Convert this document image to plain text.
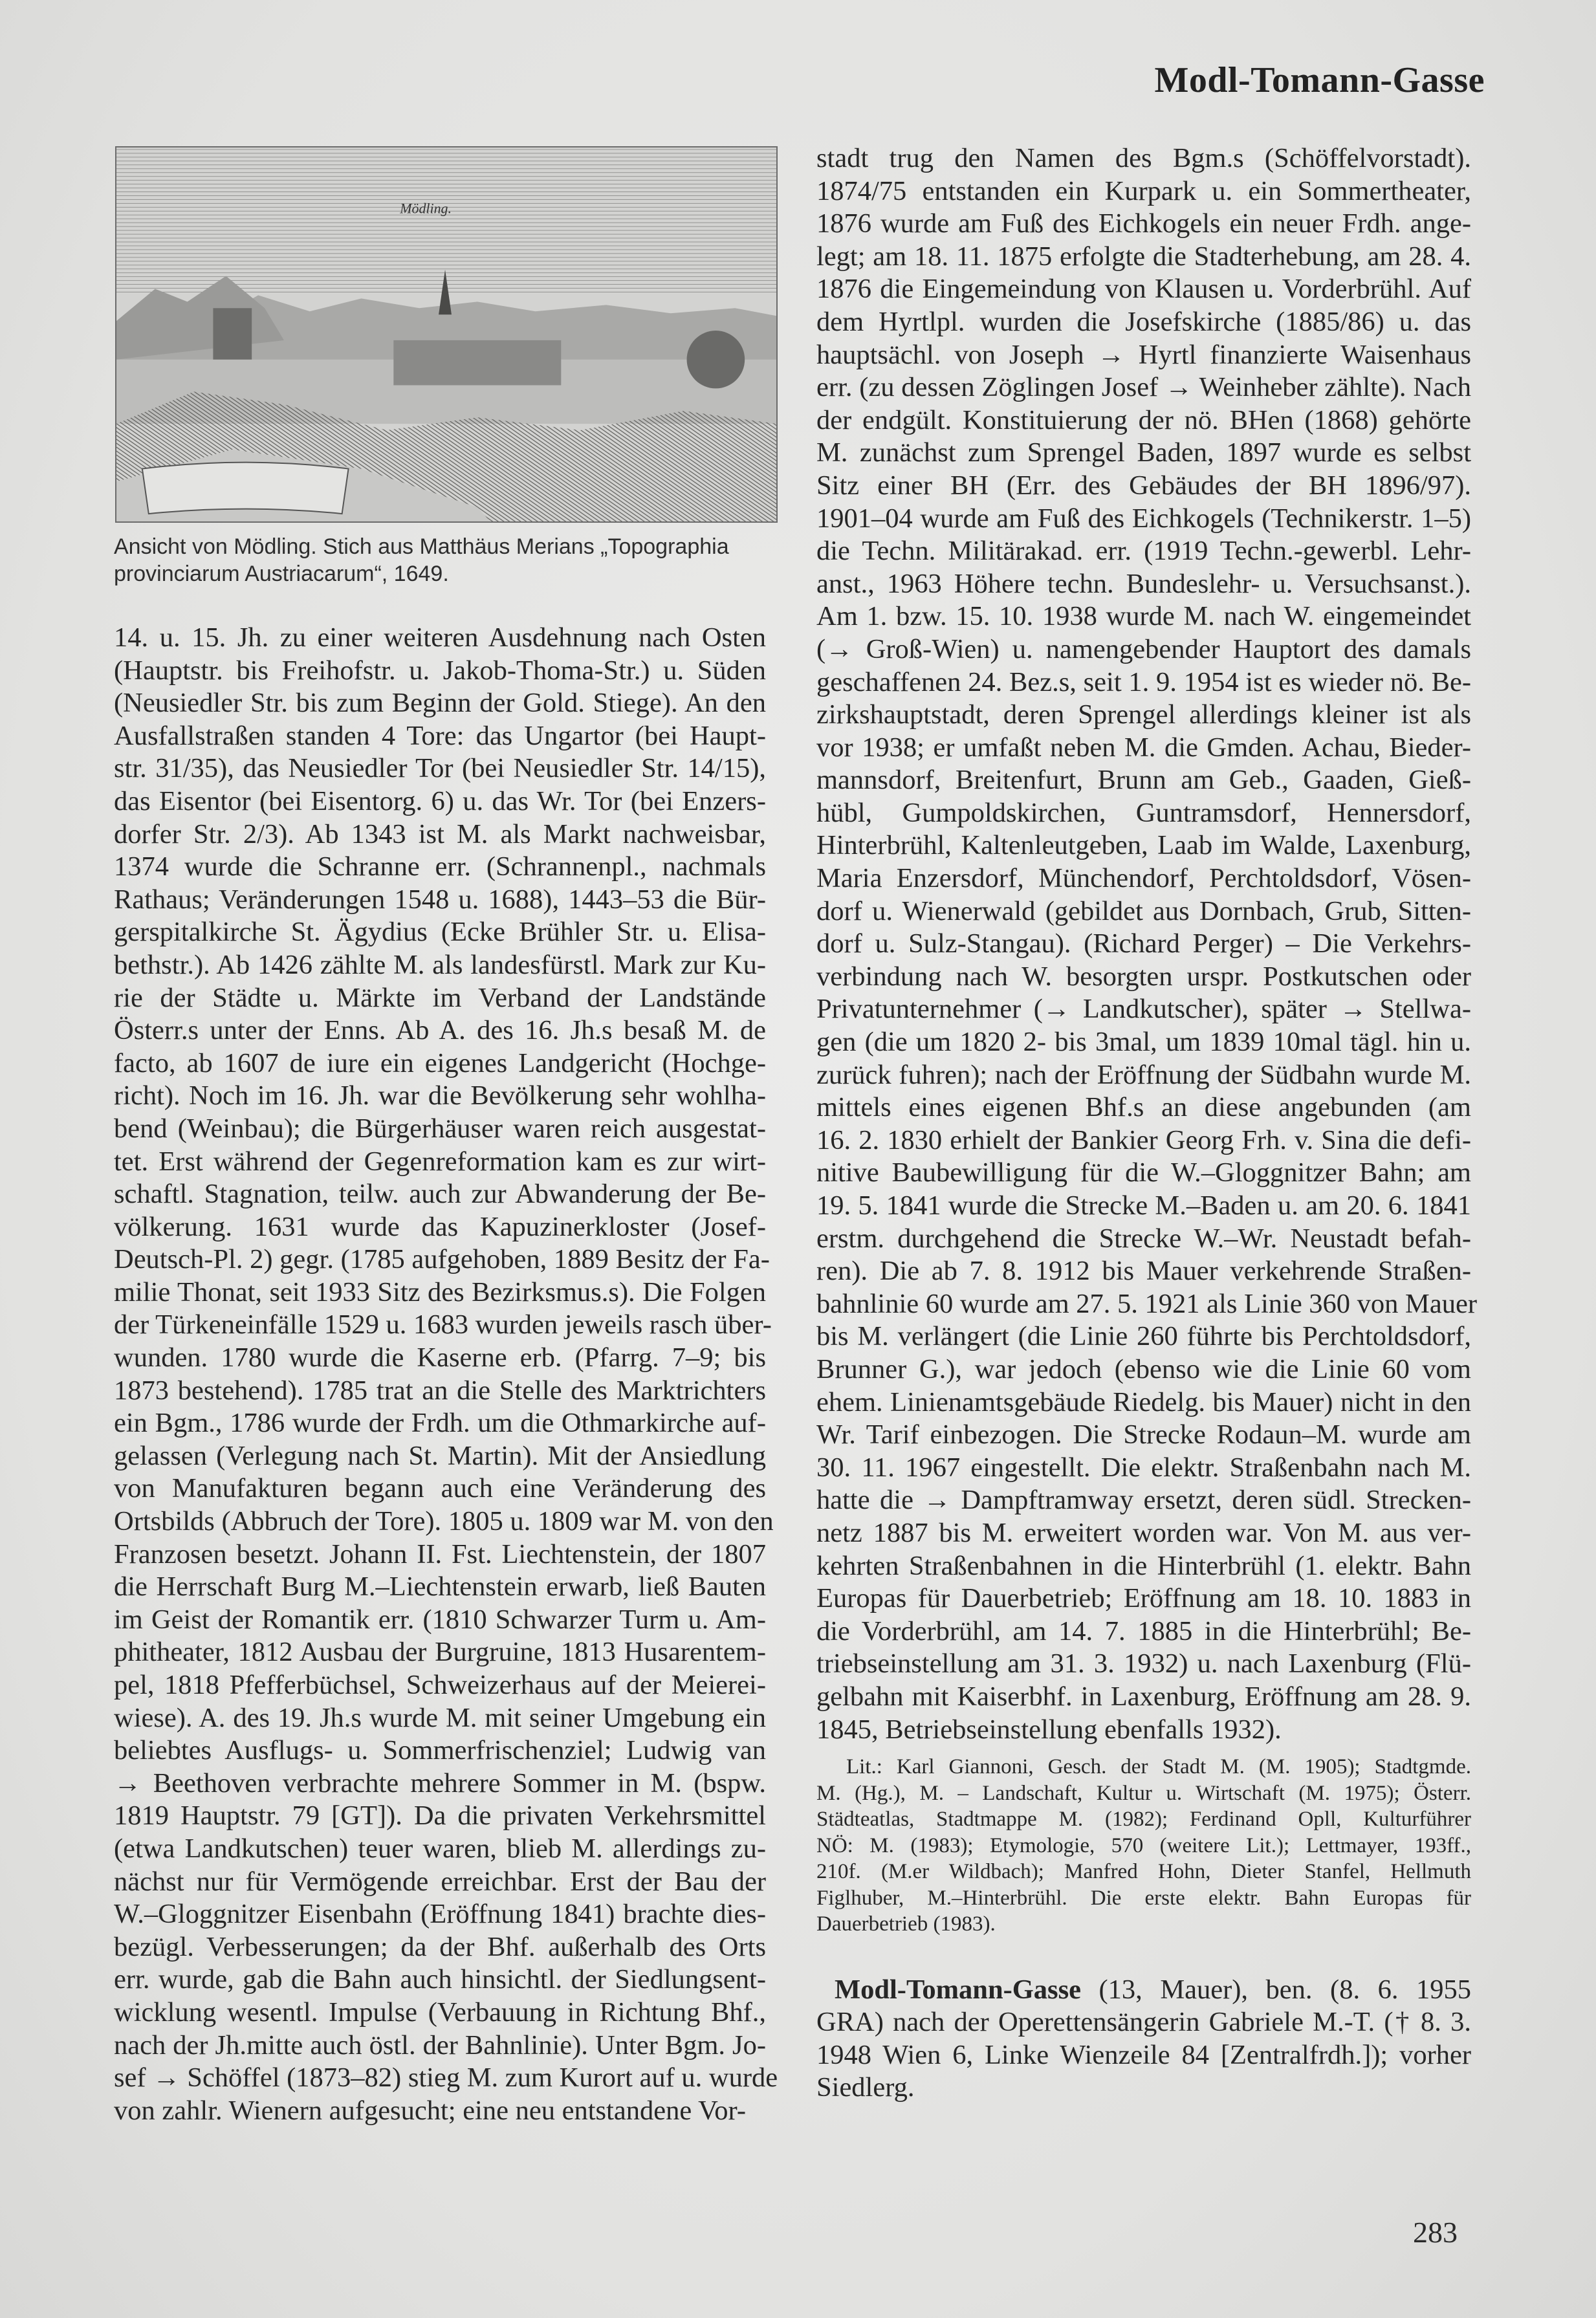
Modl-Tomann-Gasse
Mödling.
Ansicht von Mödling. Stich aus Matthäus Merians „Topographia
provinciarum Austriacarum“, 1649.
14. u. 15. Jh. zu einer weiteren Ausdehnung nach Osten
(Hauptstr. bis Freihofstr. u. Jakob-Thoma-Str.) u. Süden
(Neusiedler Str. bis zum Beginn der Gold. Stiege). An den
Ausfallstraßen standen 4 Tore: das Ungartor (bei Haupt-
str. 31/35), das Neusiedler Tor (bei Neusiedler Str. 14/15),
das Eisentor (bei Eisentorg. 6) u. das Wr. Tor (bei Enzers-
dorfer Str. 2/3). Ab 1343 ist M. als Markt nachweisbar,
1374 wurde die Schranne err. (Schrannenpl., nachmals
Rathaus; Veränderungen 1548 u. 1688), 1443–53 die Bür-
gerspitalkirche St. Ägydius (Ecke Brühler Str. u. Elisa-
bethstr.). Ab 1426 zählte M. als landesfürstl. Mark zur Ku-
rie der Städte u. Märkte im Verband der Landstände
Österr.s unter der Enns. Ab A. des 16. Jh.s besaß M. de
facto, ab 1607 de iure ein eigenes Landgericht (Hochge-
richt). Noch im 16. Jh. war die Bevölkerung sehr wohlha-
bend (Weinbau); die Bürgerhäuser waren reich ausgestat-
tet. Erst während der Gegenreformation kam es zur wirt-
schaftl. Stagnation, teilw. auch zur Abwanderung der Be-
völkerung. 1631 wurde das Kapuzinerkloster (Josef-
Deutsch-Pl. 2) gegr. (1785 aufgehoben, 1889 Besitz der Fa-
milie Thonat, seit 1933 Sitz des Bezirksmus.s). Die Folgen
der Türkeneinfälle 1529 u. 1683 wurden jeweils rasch über-
wunden. 1780 wurde die Kaserne erb. (Pfarrg. 7–9; bis
1873 bestehend). 1785 trat an die Stelle des Marktrichters
ein Bgm., 1786 wurde der Frdh. um die Othmarkirche auf-
gelassen (Verlegung nach St. Martin). Mit der Ansiedlung
von Manufakturen begann auch eine Veränderung des
Ortsbilds (Abbruch der Tore). 1805 u. 1809 war M. von den
Franzosen besetzt. Johann II. Fst. Liechtenstein, der 1807
die Herrschaft Burg M.–Liechtenstein erwarb, ließ Bauten
im Geist der Romantik err. (1810 Schwarzer Turm u. Am-
phitheater, 1812 Ausbau der Burgruine, 1813 Husarentem-
pel, 1818 Pfefferbüchsel, Schweizerhaus auf der Meierei-
wiese). A. des 19. Jh.s wurde M. mit seiner Umgebung ein
beliebtes Ausflugs- u. Sommerfrischenziel; Ludwig van
→ Beethoven verbrachte mehrere Sommer in M. (bspw.
1819 Hauptstr. 79 [GT]). Da die privaten Verkehrsmittel
(etwa Landkutschen) teuer waren, blieb M. allerdings zu-
nächst nur für Vermögende erreichbar. Erst der Bau der
W.–Gloggnitzer Eisenbahn (Eröffnung 1841) brachte dies-
bezügl. Verbesserungen; da der Bhf. außerhalb des Orts
err. wurde, gab die Bahn auch hinsichtl. der Siedlungsent-
wicklung wesentl. Impulse (Verbauung in Richtung Bhf.,
nach der Jh.mitte auch östl. der Bahnlinie). Unter Bgm. Jo-
sef → Schöffel (1873–82) stieg M. zum Kurort auf u. wurde
von zahlr. Wienern aufgesucht; eine neu entstandene Vor-
stadt trug den Namen des Bgm.s (Schöffelvorstadt).
1874/75 entstanden ein Kurpark u. ein Sommertheater,
1876 wurde am Fuß des Eichkogels ein neuer Frdh. ange-
legt; am 18. 11. 1875 erfolgte die Stadterhebung, am 28. 4.
1876 die Eingemeindung von Klausen u. Vorderbrühl. Auf
dem Hyrtlpl. wurden die Josefskirche (1885/86) u. das
hauptsächl. von Joseph → Hyrtl finanzierte Waisenhaus
err. (zu dessen Zöglingen Josef → Weinheber zählte). Nach
der endgült. Konstituierung der nö. BHen (1868) gehörte
M. zunächst zum Sprengel Baden, 1897 wurde es selbst
Sitz einer BH (Err. des Gebäudes der BH 1896/97).
1901–04 wurde am Fuß des Eichkogels (Technikerstr. 1–5)
die Techn. Militärakad. err. (1919 Techn.-gewerbl. Lehr-
anst., 1963 Höhere techn. Bundeslehr- u. Versuchsanst.).
Am 1. bzw. 15. 10. 1938 wurde M. nach W. eingemeindet
(→ Groß-Wien) u. namengebender Hauptort des damals
geschaffenen 24. Bez.s, seit 1. 9. 1954 ist es wieder nö. Be-
zirkshauptstadt, deren Sprengel allerdings kleiner ist als
vor 1938; er umfaßt neben M. die Gmden. Achau, Bieder-
mannsdorf, Breitenfurt, Brunn am Geb., Gaaden, Gieß-
hübl, Gumpoldskirchen, Guntramsdorf, Hennersdorf,
Hinterbrühl, Kaltenleutgeben, Laab im Walde, Laxenburg,
Maria Enzersdorf, Münchendorf, Perchtoldsdorf, Vösen-
dorf u. Wienerwald (gebildet aus Dornbach, Grub, Sitten-
dorf u. Sulz-Stangau). (Richard Perger) – Die Verkehrs-
verbindung nach W. besorgten urspr. Postkutschen oder
Privatunternehmer (→ Landkutscher), später → Stellwa-
gen (die um 1820 2- bis 3mal, um 1839 10mal tägl. hin u.
zurück fuhren); nach der Eröffnung der Südbahn wurde M.
mittels eines eigenen Bhf.s an diese angebunden (am
16. 2. 1830 erhielt der Bankier Georg Frh. v. Sina die defi-
nitive Baubewilligung für die W.–Gloggnitzer Bahn; am
19. 5. 1841 wurde die Strecke M.–Baden u. am 20. 6. 1841
erstm. durchgehend die Strecke W.–Wr. Neustadt befah-
ren). Die ab 7. 8. 1912 bis Mauer verkehrende Straßen-
bahnlinie 60 wurde am 27. 5. 1921 als Linie 360 von Mauer
bis M. verlängert (die Linie 260 führte bis Perchtoldsdorf,
Brunner G.), war jedoch (ebenso wie die Linie 60 vom
ehem. Linienamtsgebäude Riedelg. bis Mauer) nicht in den
Wr. Tarif einbezogen. Die Strecke Rodaun–M. wurde am
30. 11. 1967 eingestellt. Die elektr. Straßenbahn nach M.
hatte die → Dampftramway ersetzt, deren südl. Strecken-
netz 1887 bis M. erweitert worden war. Von M. aus ver-
kehrten Straßenbahnen in die Hinterbrühl (1. elektr. Bahn
Europas für Dauerbetrieb; Eröffnung am 18. 10. 1883 in
die Vorderbrühl, am 14. 7. 1885 in die Hinterbrühl; Be-
triebseinstellung am 31. 3. 1932) u. nach Laxenburg (Flü-
gelbahn mit Kaiserbhf. in Laxenburg, Eröffnung am 28. 9.
1845, Betriebseinstellung ebenfalls 1932).
Lit.: Karl Giannoni, Gesch. der Stadt M. (M. 1905); Stadtgmde.
M. (Hg.), M. – Landschaft, Kultur u. Wirtschaft (M. 1975); Österr.
Städteatlas, Stadtmappe M. (1982); Ferdinand Opll, Kulturführer
NÖ: M. (1983); Etymologie, 570 (weitere Lit.); Lettmayer, 193ff.,
210f. (M.er Wildbach); Manfred Hohn, Dieter Stanfel, Hellmuth
Figlhuber, M.–Hinterbrühl. Die erste elektr. Bahn Europas für
Dauerbetrieb (1983).
Modl-Tomann-Gasse (13, Mauer), ben. (8. 6. 1955
GRA) nach der Operettensängerin Gabriele M.-T. († 8. 3.
1948 Wien 6, Linke Wienzeile 84 [Zentralfrdh.]); vorher
Siedlerg.
283
